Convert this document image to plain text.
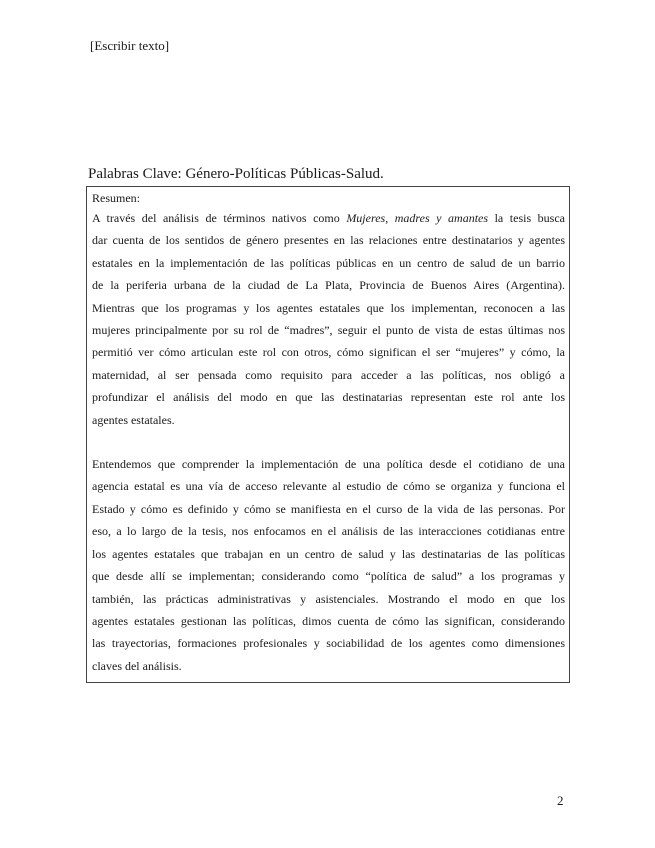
[Escribir texto]
Palabras Clave: Género-Políticas Públicas-Salud.

Resumen:

A través del análisis de términos nativos como Mujeres, madres y amantes la tesis busca
dar cuenta de los sentidos de género presentes en las relaciones entre destinatarios y agentes
estatales en la implementación de las políticas públicas en un centro de salud de un barrio
de la periferia urbana de la ciudad de La Plata, Provincia de Buenos Aires (Argentina).
Mientras que los programas y los agentes estatales que los implementan, reconocen a las
mujeres principalmente por su rol de “madres”, seguir el punto de vista de estas últimas nos
permitió ver cómo articulan este rol con otros, cómo significan el ser “mujeres” y cómo, la
maternidad, al ser pensada como requisito para acceder a las políticas, nos obligó a
profundizar el análisis del modo en que las destinatarias representan este rol ante los
agentes estatales.
Entendemos que comprender la implementación de una política desde el cotidiano de una
agencia estatal es una vía de acceso relevante al estudio de cómo se organiza y funciona el
Estado y cómo es definido y cómo se manifiesta en el curso de la vida de las personas. Por
eso, a lo largo de la tesis, nos enfocamos en el análisis de las interacciones cotidianas entre
los agentes estatales que trabajan en un centro de salud y las destinatarias de las políticas
que desde allí se implementan; considerando como “política de salud” a los programas y
también, las prácticas administrativas y asistenciales. Mostrando el modo en que los
agentes estatales gestionan las políticas, dimos cuenta de cómo las significan, considerando
las trayectorias, formaciones profesionales y sociabilidad de los agentes como dimensiones
claves del análisis.
2
